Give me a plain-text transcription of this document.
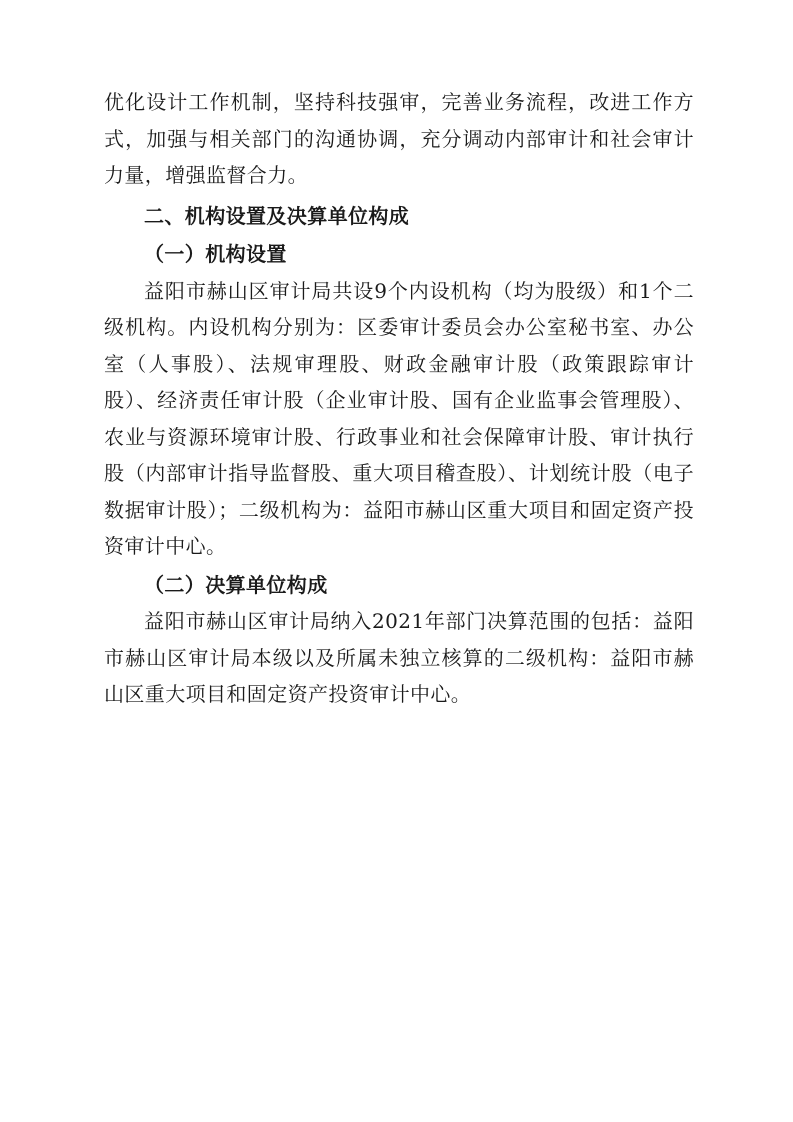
优化设计工作机制，坚持科技强审，完善业务流程，改进工作方式，加强与相关部门的沟通协调，充分调动内部审计和社会审计力量，增强监督合力。

二、机构设置及决算单位构成

（一）机构设置

益阳市赫山区审计局共设9个内设机构（均为股级）和1个二级机构。内设机构分别为：区委审计委员会办公室秘书室、办公室（人事股）、法规审理股、财政金融审计股（政策跟踪审计股）、经济责任审计股（企业审计股、国有企业监事会管理股）、农业与资源环境审计股、行政事业和社会保障审计股、审计执行股（内部审计指导监督股、重大项目稽查股）、计划统计股（电子数据审计股）；二级机构为：益阳市赫山区重大项目和固定资产投资审计中心。

（二）决算单位构成

益阳市赫山区审计局纳入2021年部门决算范围的包括：益阳市赫山区审计局本级以及所属未独立核算的二级机构：益阳市赫山区重大项目和固定资产投资审计中心。
